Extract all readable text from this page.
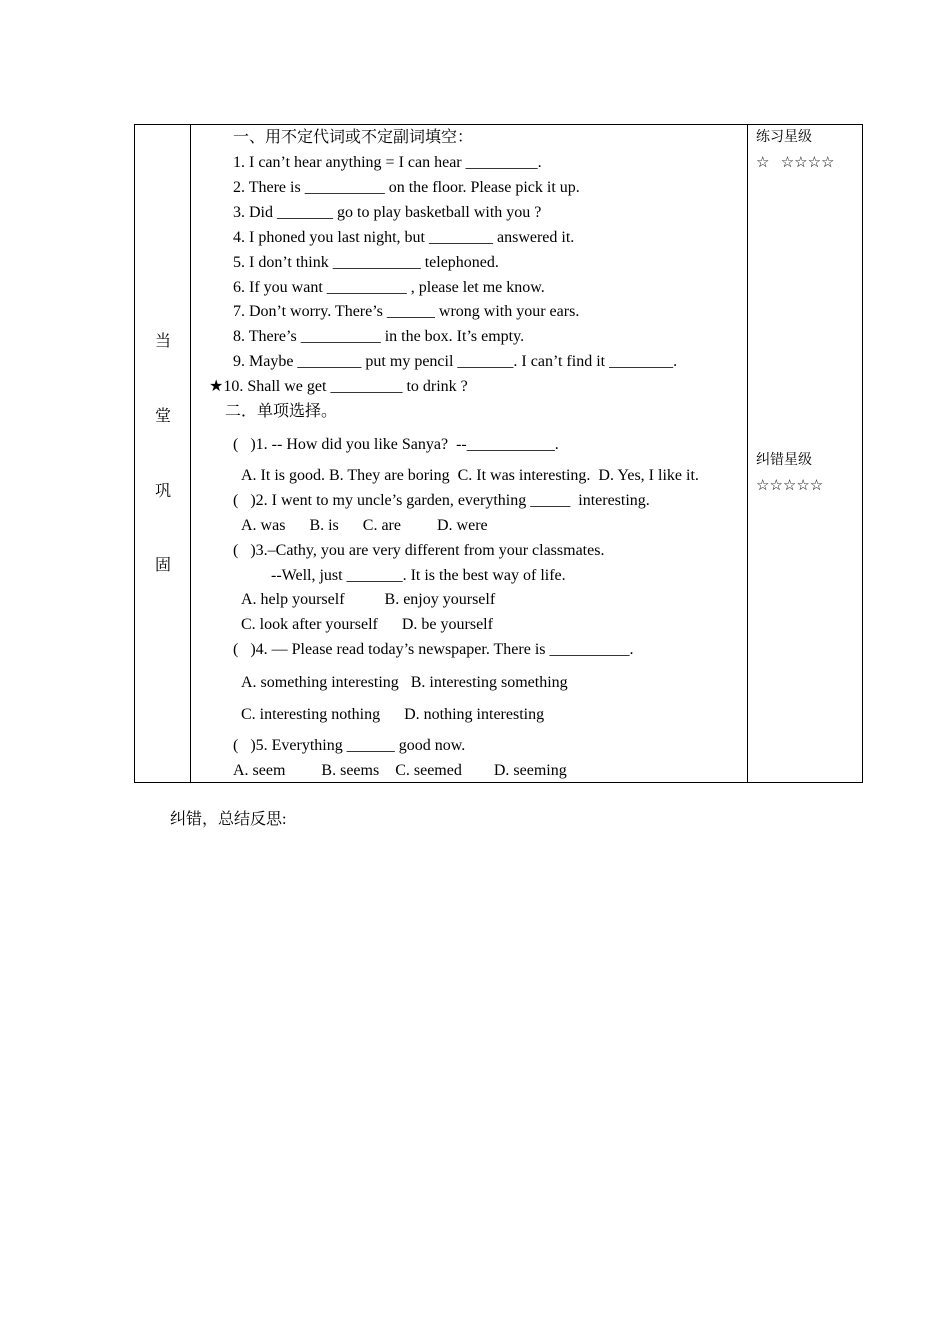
当
堂
巩
固
练习星级
☆   ☆☆☆☆
纠错星级
☆☆☆☆☆
一、用不定代词或不定副词填空：
1. I can’t hear anything = I can hear _________.
2. There is __________ on the floor. Please pick it up.
3. Did _______ go to play basketball with you ?
4. I phoned you last night, but ________ answered it.
5. I don’t think ___________ telephoned.
6. If you want __________ , please let me know.
7. Don’t worry. There’s ______ wrong with your ears.
8. There’s __________ in the box. It’s empty.
9. Maybe ________ put my pencil _______. I can’t find it ________.
★10. Shall we get _________ to drink ?
二．单项选择。
(   )1. -- How did you like Sanya?  --___________.
A. It is good. B. They are boring  C. It was interesting.  D. Yes, I like it.
(   )2. I went to my uncle’s garden, everything _____  interesting.
A. was      B. is      C. are         D. were
(   )3.–Cathy, you are very different from your classmates.
--Well, just _______. It is the best way of life.
A. help yourself          B. enjoy yourself
C. look after yourself      D. be yourself
(   )4. — Please read today’s newspaper. There is __________.
A. something interesting   B. interesting something
C. interesting nothing      D. nothing interesting
(   )5. Everything ______ good now.
A. seem         B. seems    C. seemed        D. seeming
纠错，总结反思:
